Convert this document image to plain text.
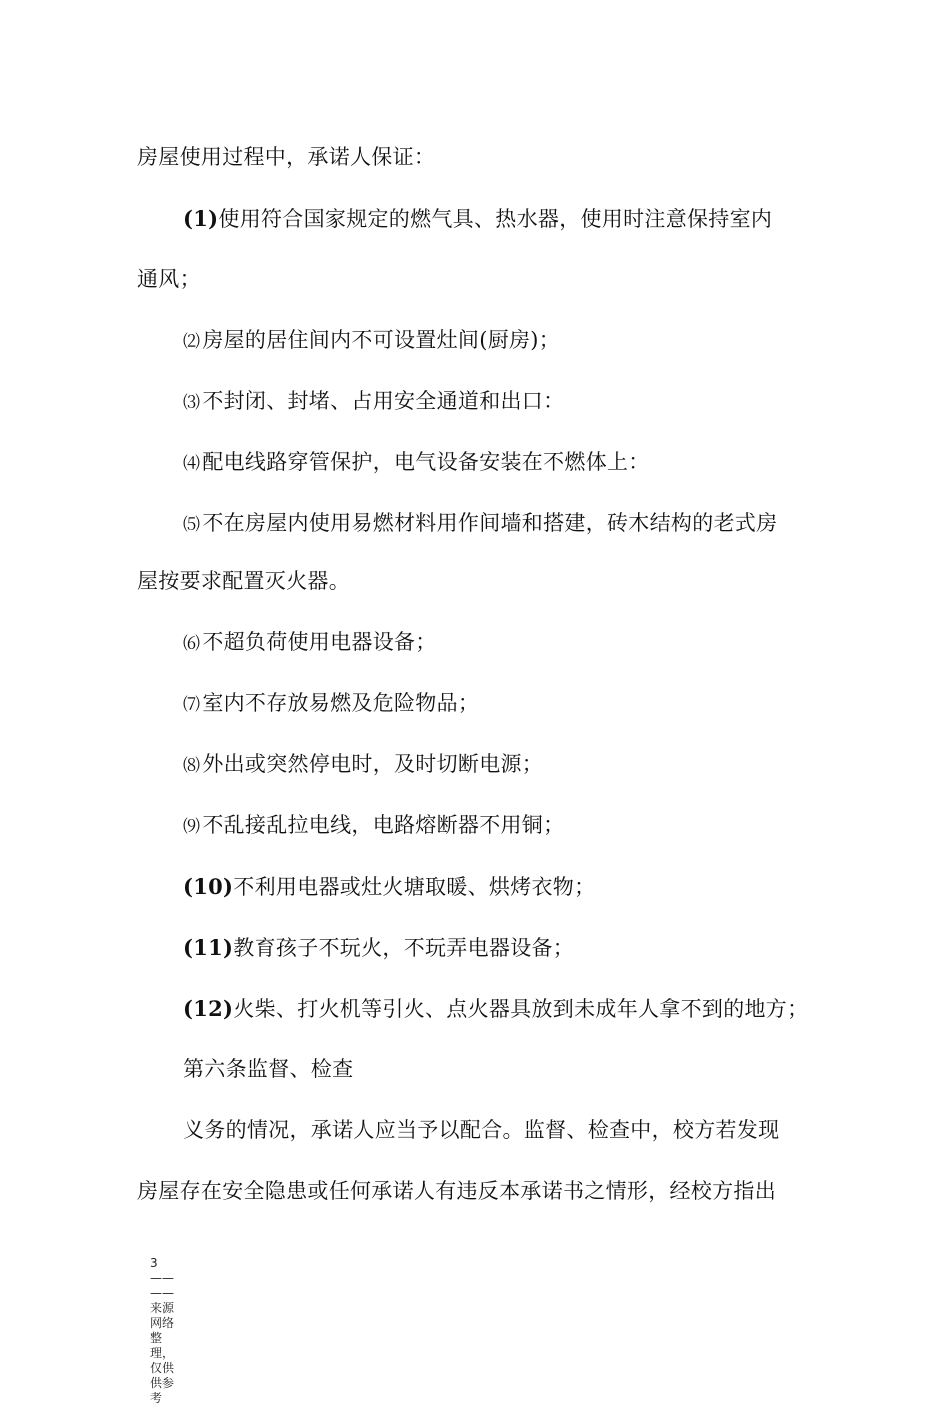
房屋使用过程中，承诺人保证：
(1)使用符合国家规定的燃气具、热水器，使用时注意保持室内
通风；
⑵房屋的居住间内不可设置灶间(厨房)；
⑶不封闭、封堵、占用安全通道和出口：
⑷配电线路穿管保护，电气设备安装在不燃体上：
⑸不在房屋内使用易燃材料用作间墙和搭建，砖木结构的老式房
屋按要求配置灭火器。
⑹不超负荷使用电器设备；
⑺室内不存放易燃及危险物品；
⑻外出或突然停电时，及时切断电源；
⑼不乱接乱拉电线，电路熔断器不用铜；
(10)不利用电器或灶火塘取暖、烘烤衣物；
(11)教育孩子不玩火，不玩弄电器设备；
(12)火柴、打火机等引火、点火器具放到未成年人拿不到的地方；
第六条监督、检查
义务的情况，承诺人应当予以配合。监督、检查中，校方若发现
房屋存在安全隐患或任何承诺人有违反本承诺书之情形，经校方指出
3—— ——来源网络整理，仅供供参考
